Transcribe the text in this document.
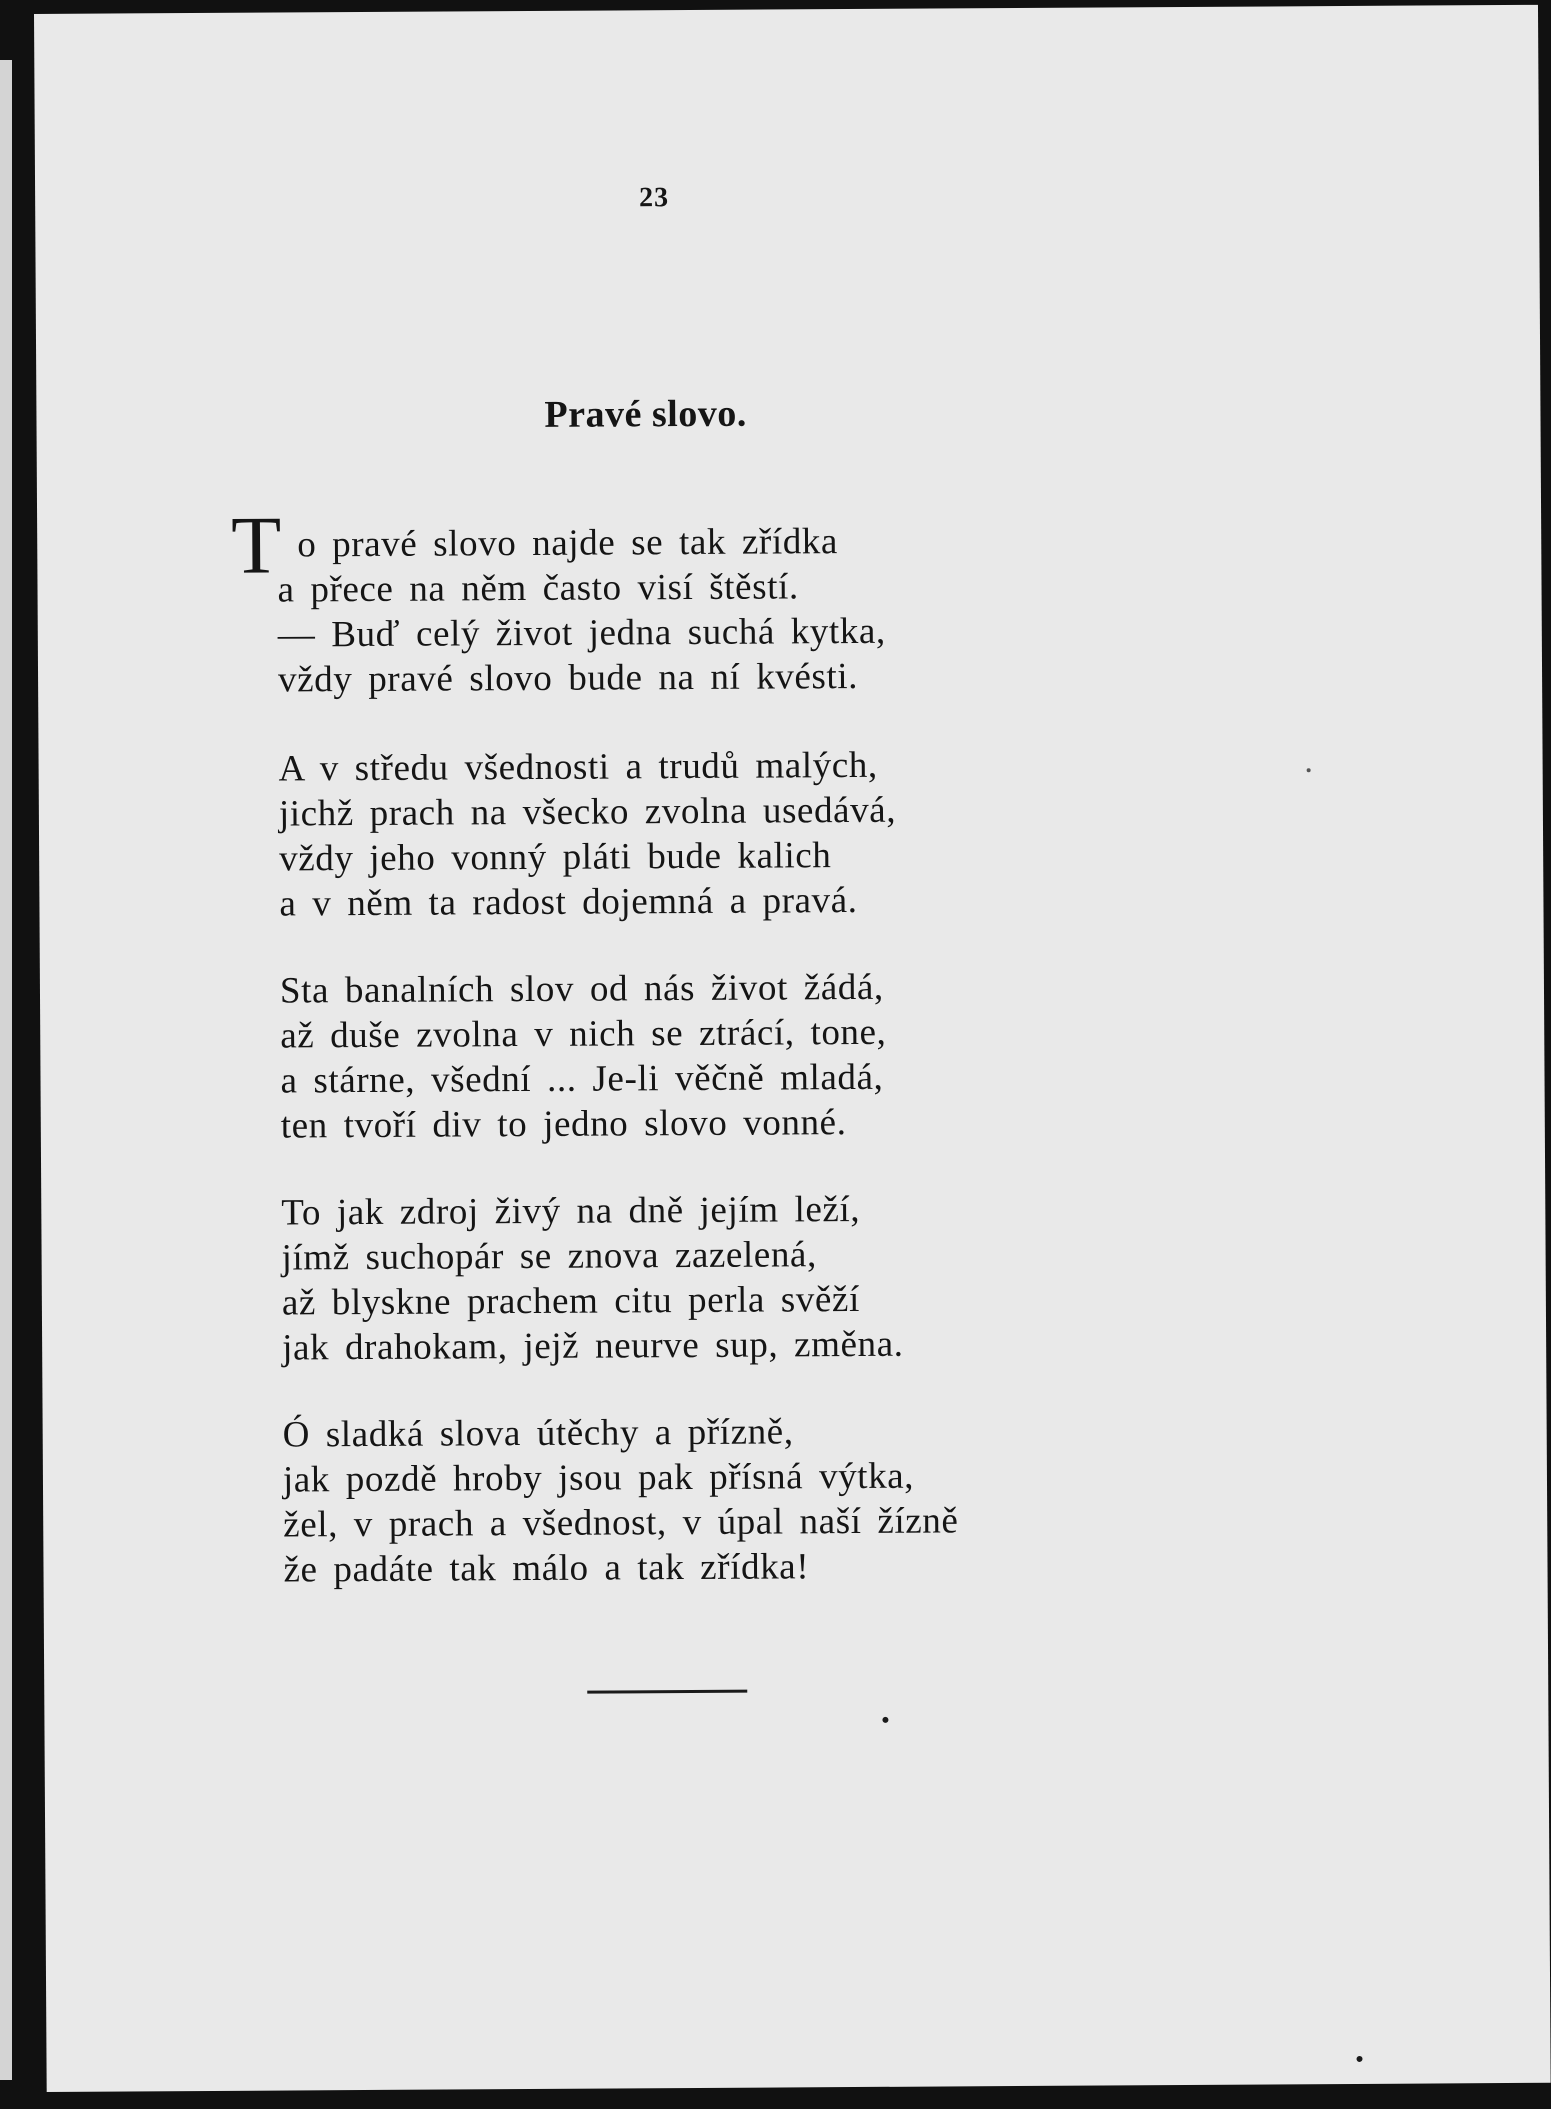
23
Pravé slovo.
T o pravé slovo najde se tak zřídka
a přece na něm často visí štěstí.
— Buď celý život jedna suchá kytka,
vždy pravé slovo bude na ní kvésti.

A v středu všednosti a trudů malých,
jichž prach na všecko zvolna usedává,
vždy jeho vonný pláti bude kalich
a v něm ta radost dojemná a pravá.

Sta banalních slov od nás život žádá,
až duše zvolna v nich se ztrácí, tone,
a stárne, všední ... Je-li věčně mladá,
ten tvoří div to jedno slovo vonné.

To jak zdroj živý na dně jejím leží,
jímž suchopár se znova zazelená,
až blyskne prachem citu perla svěží
jak drahokam, jejž neurve sup, změna.

Ó sladká slova útěchy a přízně,
jak pozdě hroby jsou pak přísná výtka,
žel, v prach a všednost, v úpal naší žízně
že padáte tak málo a tak zřídka!
